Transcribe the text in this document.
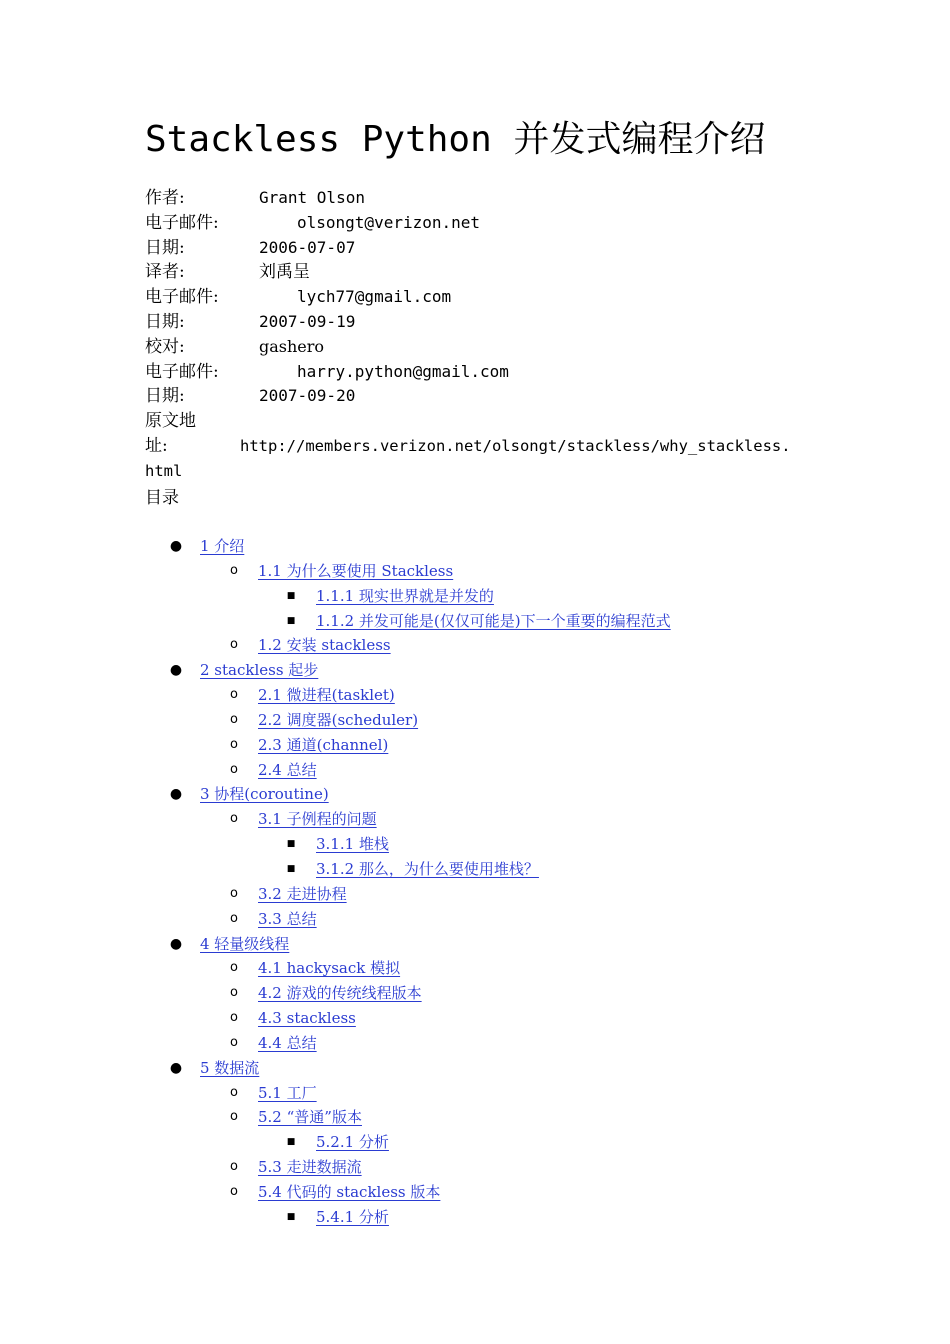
Stackless Python 并发式编程介绍
作者:	Grant Olson
电子邮件:	olsongt@verizon.net
日期:	2006-07-07
译者:	刘禹呈
电子邮件:	lych77@gmail.com
日期:	2007-09-19
校对:	gashero
电子邮件:	harry.python@gmail.com
日期:	2007-09-20
原文地
址:	http://members.verizon.net/olsongt/stackless/why_stackless.
html
目录
● 1 介绍
o 1.1 为什么要使用 Stackless
■ 1.1.1 现实世界就是并发的
■ 1.1.2 并发可能是(仅仅可能是)下一个重要的编程范式
o 1.2 安装 stackless
● 2 stackless 起步
o 2.1 微进程(tasklet)
o 2.2 调度器(scheduler)
o 2.3 通道(channel)
o 2.4 总结
● 3 协程(coroutine)
o 3.1 子例程的问题
■ 3.1.1 堆栈
■ 3.1.2 那么，为什么要使用堆栈？
o 3.2 走进协程
o 3.3 总结
● 4 轻量级线程
o 4.1 hackysack 模拟
o 4.2 游戏的传统线程版本
o 4.3 stackless
o 4.4 总结
● 5 数据流
o 5.1 工厂
o 5.2 “普通”版本
■ 5.2.1 分析
o 5.3 走进数据流
o 5.4 代码的 stackless 版本
■ 5.4.1 分析
